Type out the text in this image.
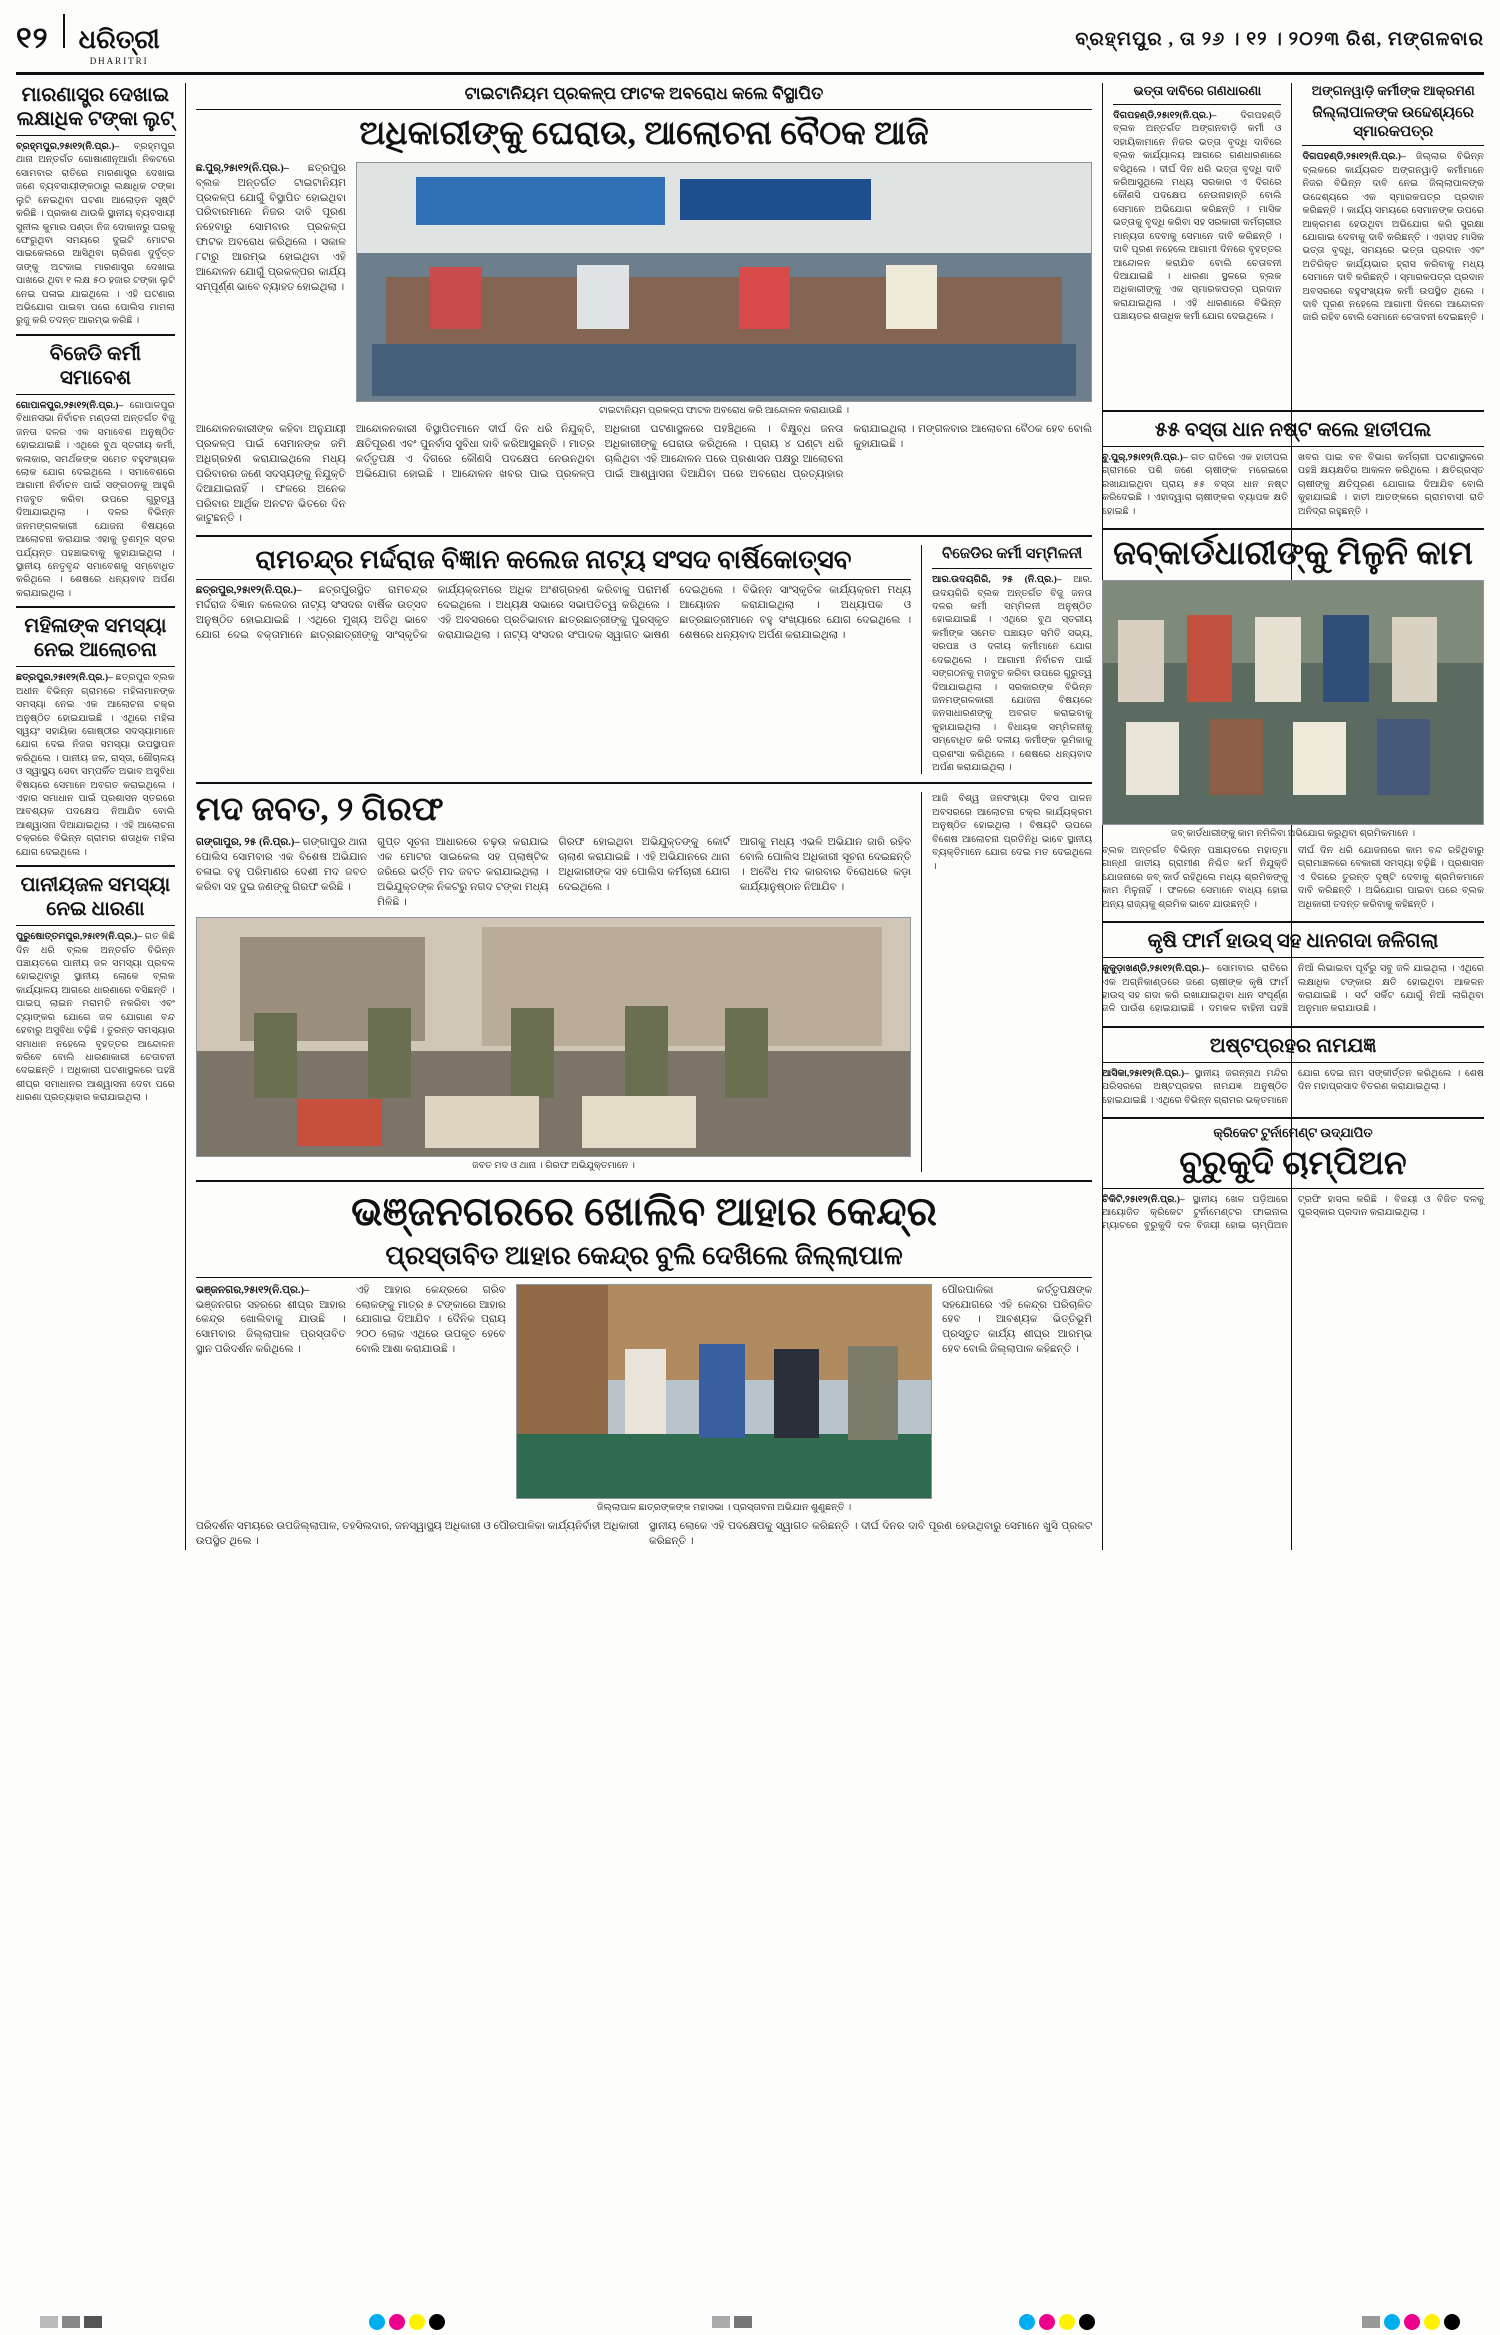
୧୨ ଧରିତ୍ରୀ
DHARITRI
ବ୍ରହ୍ମପୁର , ତା ୨୬ । ୧୨ । ୨୦୨୩ ରିଶ, ମଙ୍ଗଳବାର
ମାରଣାସ୍ତ୍ର ଦେଖାଇ ଲକ୍ଷାଧିକ ଟଙ୍କା ଲୁଟ୍
ବ୍ରହ୍ମପୁର,୨୫ା୧୨(ନି.ପ୍ର.)– ବ୍ରହ୍ମପୁର ଥାନା ଅନ୍ତର୍ଗତ ଗୋଷାଣୀନୂଆଗାଁ ନିକଟରେ ସୋମବାର ରାତିରେ ମାରଣାସ୍ତ୍ର ଦେଖାଇ ଜଣେ ବ୍ୟବସାୟୀଙ୍କଠାରୁ ଲକ୍ଷାଧିକ ଟଙ୍କା ଲୁଟି ନେଇଥିବା ଘଟଣା ଆଲୋଡ଼ନ ସୃଷ୍ଟି କରିଛି । ପ୍ରକାଶ ଥାଉକି ସ୍ଥାନୀୟ ବ୍ୟବସାୟୀ ସୁନୀଲ କୁମାର ପଣ୍ଡା ନିଜ ଦୋକାନରୁ ଘରକୁ ଫେରୁଥିବା ସମୟରେ ଦୁଇଟି ମୋଟର ସାଇକେଲରେ ଆସିଥିବା ଚାରିଜଣ ଦୁର୍ବୃତ୍ତ ତାଙ୍କୁ ଅଟକାଇ ମାରଣାସ୍ତ୍ର ଦେଖାଇ ପାଖରେ ଥିବା ୧ ଲକ୍ଷ ୫୦ ହଜାର ଟଙ୍କା ଲୁଟି ନେଇ ପଳାଇ ଯାଇଥିଲେ । ଏହି ଘଟଣାର ଅଭିଯୋଗ ପାଇବା ପରେ ପୋଲିସ ମାମଲା ରୁଜୁ କରି ତଦନ୍ତ ଆରମ୍ଭ କରିଛି ।
ବିଜେଡି କର୍ମୀ ସମାବେଶ
ଗୋପାଳପୁର,୨୫ା୧୨(ନି.ପ୍ର.)– ଗୋପାଳପୁର ବିଧାନସଭା ନିର୍ବାଚନ ମଣ୍ଡଳୀ ଅନ୍ତର୍ଗତ ବିଜୁ ଜନତା ଦଳର ଏକ ସମାବେଶ ଅନୁଷ୍ଠିତ ହୋଇଯାଇଛି । ଏଥିରେ ବୁଥ ସ୍ତରୀୟ କର୍ମୀ, କଳାକାର, ସମର୍ଥକଙ୍କ ସମେତ ବହୁସଂଖ୍ୟକ ଲୋକ ଯୋଗ ଦେଇଥିଲେ । ସମାବେଶରେ ଆଗାମୀ ନିର୍ବାଚନ ପାଇଁ ସଙ୍ଗଠନକୁ ଆହୁରି ମଜବୁତ କରିବା ଉପରେ ଗୁରୁତ୍ୱ ଦିଆଯାଇଥିଲା । ଦଳର ବିଭିନ୍ନ ଜନମଙ୍ଗଳକାରୀ ଯୋଜନା ବିଷୟରେ ଆଲୋଚନା କରାଯାଇ ଏହାକୁ ତୃଣମୂଳ ସ୍ତର ପର୍ଯ୍ୟନ୍ତ ପହଞ୍ଚାଇବାକୁ କୁହାଯାଇଥିଲା । ସ୍ଥାନୀୟ ନେତୃବୃନ୍ଦ ସମାବେଶକୁ ସମ୍ବୋଧିତ କରିଥିଲେ । ଶେଷରେ ଧନ୍ୟବାଦ ଅର୍ପଣ କରାଯାଇଥିଲା ।
ମହିଳାଙ୍କ ସମସ୍ୟା ନେଇ ଆଲୋଚନା
ଛତ୍ରପୁର,୨୫ା୧୨(ନି.ପ୍ର.)– ଛତ୍ରପୁର ବ୍ଲକ ଅଧୀନ ବିଭିନ୍ନ ଗ୍ରାମରେ ମହିଳାମାନଙ୍କ ସମସ୍ୟା ନେଇ ଏକ ଆଲୋଚନା ଚକ୍ର ଅନୁଷ୍ଠିତ ହୋଇଯାଇଛି । ଏଥିରେ ମହିଳା ସ୍ୱୟଂ ସହାୟିକା ଗୋଷ୍ଠୀର ସଦସ୍ୟାମାନେ ଯୋଗ ଦେଇ ନିଜର ସମସ୍ୟା ଉପସ୍ଥାପନ କରିଥିଲେ । ପାନୀୟ ଜଳ, ରାସ୍ତା, ଶୌଚାଳୟ ଓ ସ୍ୱାସ୍ଥ୍ୟ ସେବା ସମ୍ପର୍କିତ ଅଭାବ ଅସୁବିଧା ବିଷୟରେ ସେମାନେ ଅବଗତ କରାଇଥିଲେ । ଏହାର ସମାଧାନ ପାଇଁ ପ୍ରଶାସନ ସ୍ତରରେ ଆବଶ୍ୟକ ପଦକ୍ଷେପ ନିଆଯିବ ବୋଲି ଆଶ୍ୱାସନା ଦିଆଯାଇଥିଲା । ଏହି ଆଲୋଚନା ଚକ୍ରରେ ବିଭିନ୍ନ ଗ୍ରାମର ଶତାଧିକ ମହିଳା ଯୋଗ ଦେଇଥିଲେ ।
ପାନୀୟଜଳ ସମସ୍ୟା ନେଇ ଧାରଣା
ପୁରୁଷୋତ୍ତମପୁର,୨୫ା୧୨(ନି.ପ୍ର.)– ଗତ କିଛି ଦିନ ଧରି ବ୍ଲକ ଅନ୍ତର୍ଗତ ବିଭିନ୍ନ ପଞ୍ଚାୟତରେ ପାନୀୟ ଜଳ ସମସ୍ୟା ପ୍ରବଳ ହୋଇଥିବାରୁ ସ୍ଥାନୀୟ ଲୋକେ ବ୍ଲକ କାର୍ଯ୍ୟାଳୟ ଆଗରେ ଧାରଣାରେ ବସିଛନ୍ତି । ପାଇପ୍ ଲାଇନ ମରାମତି ନକରିବା ଏବଂ ଟ୍ୟାଙ୍କର ଯୋଗେ ଜଳ ଯୋଗାଣ ବନ୍ଦ ହେବାରୁ ଅସୁବିଧା ବଢ଼ିଛି । ତୁରନ୍ତ ସମସ୍ୟାର ସମାଧାନ ନହେଲେ ବୃହତ୍ତର ଆନ୍ଦୋଳନ କରିବେ ବୋଲି ଧାରଣାକାରୀ ଚେତାବନୀ ଦେଇଛନ୍ତି । ଅଧିକାରୀ ଘଟଣାସ୍ଥଳରେ ପହଞ୍ଚି ଶୀଘ୍ର ସମାଧାନର ଆଶ୍ୱାସନା ଦେବା ପରେ ଧାରଣା ପ୍ରତ୍ୟାହାର କରାଯାଇଥିଲା ।
ଟାଇଟାନିୟମ ପ୍ରକଳ୍ପ ଫାଟକ ଅବରୋଧ କଲେ ବିସ୍ଥାପିତ
ଅଧିକାରୀଙ୍କୁ ଘେରାଉ, ଆଲୋଚନା ବୈଠକ ଆଜି
ଛ.ପୁର୍,୨୫ା୧୨(ନି.ପ୍ର.)– ଛତ୍ରପୁର ବ୍ଲକ ଅନ୍ତର୍ଗତ ଟାଇଟାନିୟମ ପ୍ରକଳ୍ପ ଯୋଗୁଁ ବିସ୍ଥାପିତ ହୋଇଥିବା ପରିବାରମାନେ ନିଜର ଦାବି ପୂରଣ ନହେବାରୁ ସୋମବାର ପ୍ରକଳ୍ପ ଫାଟକ ଅବରୋଧ କରିଥିଲେ । ସକାଳ ୮ଟାରୁ ଆରମ୍ଭ ହୋଇଥିବା ଏହି ଆନ୍ଦୋଳନ ଯୋଗୁଁ ପ୍ରକଳ୍ପର କାର୍ଯ୍ୟ ସମ୍ପୂର୍ଣ୍ଣ ଭାବେ ବ୍ୟାହତ ହୋଇଥିଲା ।
ଟାଇଟାନିୟମ ପ୍ରକଳ୍ପ ଫାଟକ ଅବରୋଧ କରି ଆନ୍ଦୋଳନ କରାଯାଉଛି ।
ଆନ୍ଦୋଳନକାରୀଙ୍କ କହିବା ଅନୁଯାୟୀ ପ୍ରକଳ୍ପ ପାଇଁ ସେମାନଙ୍କ ଜମି ଅଧିଗ୍ରହଣ କରାଯାଇଥିଲେ ମଧ୍ୟ ପରିବାରର ଜଣେ ସଦସ୍ୟଙ୍କୁ ନିଯୁକ୍ତି ଦିଆଯାଇନାହିଁ । ଫଳରେ ଅନେକ ପରିବାର ଆର୍ଥିକ ଅନଟନ ଭିତରେ ଦିନ କାଟୁଛନ୍ତି ।
ଆନ୍ଦୋଳନକାରୀ ବିସ୍ଥାପିତମାନେ ଦୀର୍ଘ ଦିନ ଧରି ନିଯୁକ୍ତି, କ୍ଷତିପୂରଣ ଏବଂ ପୁନର୍ବାସ ସୁବିଧା ଦାବି କରିଆସୁଛନ୍ତି । ମାତ୍ର କର୍ତ୍ତୃପକ୍ଷ ଏ ଦିଗରେ କୌଣସି ପଦକ୍ଷେପ ନେଉନଥିବା ଅଭିଯୋଗ ହୋଇଛି । ଆନ୍ଦୋଳନ ଖବର ପାଇ ପ୍ରକଳ୍ପ ଅଧିକାରୀ ଘଟଣାସ୍ଥଳରେ ପହଞ୍ଚିଥିଲେ । ବିକ୍ଷୁବ୍ଧ ଜନତା ଅଧିକାରୀଙ୍କୁ ଘେରାଉ କରିଥିଲେ । ପ୍ରାୟ ୪ ଘଣ୍ଟା ଧରି ଚାଲିଥିବା ଏହି ଆନ୍ଦୋଳନ ପରେ ପ୍ରଶାସନ ପକ୍ଷରୁ ଆଲୋଚନା ପାଇଁ ଆଶ୍ୱାସନା ଦିଆଯିବା ପରେ ଅବରୋଧ ପ୍ରତ୍ୟାହାର କରାଯାଇଥିଲା । ମଙ୍ଗଳବାର ଆଲୋଚନା ବୈଠକ ହେବ ବୋଲି କୁହାଯାଇଛି ।
ରାମଚନ୍ଦ୍ର ମର୍ଦ୍ଦରାଜ ବିଜ୍ଞାନ କଲେଜ ନାଟ୍ୟ ସଂସଦ ବାର୍ଷିକୋତ୍ସବ
ଛତ୍ରପୁର,୨୫ା୧୨(ନି.ପ୍ର.)– ଛତ୍ରପୁରସ୍ଥିତ ରାମଚନ୍ଦ୍ର ମର୍ଦ୍ଦରାଜ ବିଜ୍ଞାନ କଲେଜର ନାଟ୍ୟ ସଂସଦର ବାର୍ଷିକ ଉତ୍ସବ ଅନୁଷ୍ଠିତ ହୋଇଯାଇଛି । ଏଥିରେ ମୁଖ୍ୟ ଅତିଥି ଭାବେ ଯୋଗ ଦେଇ ବକ୍ତାମାନେ ଛାତ୍ରଛାତ୍ରୀଙ୍କୁ ସାଂସ୍କୃତିକ କାର୍ଯ୍ୟକ୍ରମରେ ଅଧିକ ଅଂଶଗ୍ରହଣ କରିବାକୁ ପରାମର୍ଶ ଦେଇଥିଲେ । ଅଧ୍ୟକ୍ଷ ସଭାରେ ସଭାପତିତ୍ୱ କରିଥିଲେ । ଏହି ଅବସରରେ ପ୍ରତିଭାବାନ ଛାତ୍ରଛାତ୍ରୀଙ୍କୁ ପୁରସ୍କୃତ କରାଯାଇଥିଲା । ନାଟ୍ୟ ସଂସଦର ସଂପାଦକ ସ୍ୱାଗତ ଭାଷଣ ଦେଇଥିଲେ । ବିଭିନ୍ନ ସାଂସ୍କୃତିକ କାର୍ଯ୍ୟକ୍ରମ ମଧ୍ୟ ଆୟୋଜନ କରାଯାଇଥିଲା । ଅଧ୍ୟାପକ ଓ ଛାତ୍ରଛାତ୍ରୀମାନେ ବହୁ ସଂଖ୍ୟାରେ ଯୋଗ ଦେଇଥିଲେ । ଶେଷରେ ଧନ୍ୟବାଦ ଅର୍ପଣ କରାଯାଇଥିଲା ।
ବିଜେଡିର କର୍ମୀ ସମ୍ମିଳନୀ
ଆର.ଉଦୟଗିରି, ୨୫ (ନି.ପ୍ର.)– ଆର. ଉଦୟଗିରି ବ୍ଲକ ଅନ୍ତର୍ଗତ ବିଜୁ ଜନତା ଦଳର କର୍ମୀ ସମ୍ମିଳନୀ ଅନୁଷ୍ଠିତ ହୋଇଯାଇଛି । ଏଥିରେ ବୁଥ ସ୍ତରୀୟ କର୍ମୀଙ୍କ ସମେତ ପଞ୍ଚାୟତ ସମିତି ସଭ୍ୟ, ସରପଞ୍ଚ ଓ ଦଳୀୟ କର୍ମୀମାନେ ଯୋଗ ଦେଇଥିଲେ । ଆଗାମୀ ନିର୍ବାଚନ ପାଇଁ ସଙ୍ଗଠନକୁ ମଜବୁତ କରିବା ଉପରେ ଗୁରୁତ୍ୱ ଦିଆଯାଇଥିଲା । ସରକାରଙ୍କ ବିଭିନ୍ନ ଜନମଙ୍ଗଳକାରୀ ଯୋଜନା ବିଷୟରେ ଜନସାଧାରଣଙ୍କୁ ଅବଗତ କରାଇବାକୁ କୁହାଯାଇଥିଲା । ବିଧାୟକ ସମ୍ମିଳନୀକୁ ସମ୍ବୋଧିତ କରି ଦଳୀୟ କର୍ମୀଙ୍କ ଭୂମିକାକୁ ପ୍ରଶଂସା କରିଥିଲେ । ଶେଷରେ ଧନ୍ୟବାଦ ଅର୍ପଣ କରାଯାଇଥିଲା ।
ମଦ ଜବତ, ୨ ଗିରଫ
ଗଙ୍ଗାପୁର, ୨୫ (ନି.ପ୍ର.)– ଗଙ୍ଗାପୁର ଥାନା ପୋଲିସ ସୋମବାର ଏକ ବିଶେଷ ଅଭିଯାନ ଚଳାଇ ବହୁ ପରିମାଣର ଦେଶୀ ମଦ ଜବତ କରିବା ସହ ଦୁଇ ଜଣଙ୍କୁ ଗିରଫ କରିଛି ।
ଗୁପ୍ତ ସୂଚନା ଆଧାରରେ ଚଢ଼ଉ କରାଯାଇ ଏକ ମୋଟର ସାଇକେଲ ସହ ପ୍ଲାଷ୍ଟିକ ଜରିରେ ଭର୍ତ୍ତି ମଦ ଜବତ କରାଯାଇଥିଲା । ଅଭିଯୁକ୍ତଙ୍କ ନିକଟରୁ ନଗଦ ଟଙ୍କା ମଧ୍ୟ ମିଳିଛି ।
ଗିରଫ ହୋଇଥିବା ଅଭିଯୁକ୍ତଙ୍କୁ କୋର୍ଟ ଚାଲାଣ କରାଯାଇଛି । ଏହି ଅଭିଯାନରେ ଥାନା ଅଧିକାରୀଙ୍କ ସହ ପୋଲିସ କର୍ମଚାରୀ ଯୋଗ ଦେଇଥିଲେ ।
ଆଗକୁ ମଧ୍ୟ ଏଭଳି ଅଭିଯାନ ଜାରି ରହିବ ବୋଲି ପୋଲିସ ଅଧିକାରୀ ସୂଚନା ଦେଇଛନ୍ତି । ଅବୈଧ ମଦ କାରବାର ବିରୋଧରେ କଡ଼ା କାର୍ଯ୍ୟାନୁଷ୍ଠାନ ନିଆଯିବ ।
ଜବତ ମଦ ଓ ଥାନା । ଗିରଫ ଅଭିଯୁକ୍ତମାନେ ।
ଆଜି ବିଶ୍ୱ ଜନସଂଖ୍ୟା ଦିବସ ପାଳନ ଅବସରରେ ଆଲୋଚନା ଚକ୍ର କାର୍ଯ୍ୟକ୍ରମ ଅନୁଷ୍ଠିତ ହୋଇଥିଲା । ବିଷୟଟି ଉପରେ ବିଶେଷ ଆଲୋଚନା ପ୍ରତିନିଧି ଭାବେ ସ୍ଥାନୀୟ ବ୍ୟକ୍ତିମାନେ ଯୋଗ ଦେଇ ମତ ଦେଇଥିଲେ ।
ଭଞ୍ଜନଗରରେ ଖୋଲିବ ଆହାର କେନ୍ଦ୍ର
ପ୍ରସ୍ତାବିତ ଆହାର କେନ୍ଦ୍ର ବୁଲି ଦେଖିଲେ ଜିଲ୍ଲାପାଳ
ଭଞ୍ଜନଗର,୨୫ା୧୨(ନି.ପ୍ର.)– ଭଞ୍ଜନଗର ସହରରେ ଶୀଘ୍ର ଆହାର କେନ୍ଦ୍ର ଖୋଲିବାକୁ ଯାଉଛି । ସୋମବାର ଜିଲ୍ଲାପାଳ ପ୍ରସ୍ତାବିତ ସ୍ଥାନ ପରିଦର୍ଶନ କରିଥିଲେ ।
ଏହି ଆହାର କେନ୍ଦ୍ରରେ ଗରିବ ଲୋକଙ୍କୁ ମାତ୍ର ୫ ଟଙ୍କାରେ ଆହାର ଯୋଗାଇ ଦିଆଯିବ । ଦୈନିକ ପ୍ରାୟ ୨୦୦ ଲୋକ ଏଥିରେ ଉପକୃତ ହେବେ ବୋଲି ଆଶା କରାଯାଉଛି ।
ଜିଲ୍ଲାପାଳ ଛାତ୍ରଙ୍କଙ୍କ ମହାସଭା । ପ୍ରସ୍ତାବନା ଅଭିଯାନ ଶୁଣୁଛନ୍ତି ।
ପୌରପାଳିକା କର୍ତ୍ତୃପକ୍ଷଙ୍କ ସହଯୋଗରେ ଏହି କେନ୍ଦ୍ର ପରିଚାଳିତ ହେବ । ଆବଶ୍ୟକ ଭିତ୍ତିଭୂମି ପ୍ରସ୍ତୁତ କାର୍ଯ୍ୟ ଶୀଘ୍ର ଆରମ୍ଭ ହେବ ବୋଲି ଜିଲ୍ଲାପାଳ କହିଛନ୍ତି ।
ପରିଦର୍ଶନ ସମୟରେ ଉପଜିଲ୍ଲାପାଳ, ତହସିଲଦାର, ଜନସ୍ୱାସ୍ଥ୍ୟ ଅଧିକାରୀ ଓ ପୌରପାଳିକା କାର୍ଯ୍ୟନିର୍ବାହୀ ଅଧିକାରୀ ଉପସ୍ଥିତ ଥିଲେ ।
ସ୍ଥାନୀୟ ଲୋକେ ଏହି ପଦକ୍ଷେପକୁ ସ୍ୱାଗତ କରିଛନ୍ତି । ଦୀର୍ଘ ଦିନର ଦାବି ପୂରଣ ହେଉଥିବାରୁ ସେମାନେ ଖୁସି ପ୍ରକଟ କରିଛନ୍ତି ।
ଭତ୍ତା ଦାବିରେ ଗଣଧାରଣା
ଦିଗପହଣ୍ଡି,୨୫ା୧୨(ନି.ପ୍ର.)– ଦିଗପହଣ୍ଡି ବ୍ଲକ ଅନ୍ତର୍ଗତ ଅଙ୍ଗନବାଡ଼ି କର୍ମୀ ଓ ସହାୟିକାମାନେ ନିଜର ଭତ୍ତା ବୃଦ୍ଧି ଦାବିରେ ବ୍ଲକ କାର୍ଯ୍ୟାଳୟ ଆଗରେ ଗଣଧାରଣାରେ ବସିଥିଲେ । ଦୀର୍ଘ ଦିନ ଧରି ଭତ୍ତା ବୃଦ୍ଧି ଦାବି କରିଆସୁଥିଲେ ମଧ୍ୟ ସରକାର ଏ ଦିଗରେ କୌଣସି ପଦକ୍ଷେପ ନେଉନାହାନ୍ତି ବୋଲି ସେମାନେ ଅଭିଯୋଗ କରିଛନ୍ତି । ମାସିକ ଭତ୍ତାକୁ ବୃଦ୍ଧି କରିବା ସହ ସରକାରୀ କର୍ମଚାରୀର ମାନ୍ୟତା ଦେବାକୁ ସେମାନେ ଦାବି କରିଛନ୍ତି । ଦାବି ପୂରଣ ନହେଲେ ଆଗାମୀ ଦିନରେ ବୃହତ୍ତର ଆନ୍ଦୋଳନ କରାଯିବ ବୋଲି ଚେତାବନୀ ଦିଆଯାଇଛି । ଧାରଣା ସ୍ଥଳରେ ବ୍ଲକ ଅଧିକାରୀଙ୍କୁ ଏକ ସ୍ମାରକପତ୍ର ପ୍ରଦାନ କରାଯାଇଥିଲା । ଏହି ଧାରଣାରେ ବିଭିନ୍ନ ପଞ୍ଚାୟତର ଶତାଧିକ କର୍ମୀ ଯୋଗ ଦେଇଥିଲେ ।
ଅଙ୍ଗନୱାଡ଼ି କର୍ମୀଙ୍କ ଆକ୍ରମଣ
ଜିଲ୍ଲାପାଳଙ୍କ ଉଦ୍ଦେଶ୍ୟରେ ସ୍ମାରକପତ୍ର
ଦିଗପହଣ୍ଡି,୨୫ା୧୨(ନି.ପ୍ର.)– ଜିଲ୍ଲାର ବିଭିନ୍ନ ବ୍ଲକରେ କାର୍ଯ୍ୟରତ ଅଙ୍ଗନୱାଡ଼ି କର୍ମୀମାନେ ନିଜର ବିଭିନ୍ନ ଦାବି ନେଇ ଜିଲ୍ଲାପାଳଙ୍କ ଉଦ୍ଦେଶ୍ୟରେ ଏକ ସ୍ମାରକପତ୍ର ପ୍ରଦାନ କରିଛନ୍ତି । କାର୍ଯ୍ୟ ସମୟରେ ସେମାନଙ୍କ ଉପରେ ଆକ୍ରମଣ ହେଉଥିବା ଅଭିଯୋଗ କରି ସୁରକ୍ଷା ଯୋଗାଇ ଦେବାକୁ ଦାବି କରିଛନ୍ତି । ଏହାସହ ମାସିକ ଭତ୍ତା ବୃଦ୍ଧି, ସମୟରେ ଭତ୍ତା ପ୍ରଦାନ ଏବଂ ଅତିରିକ୍ତ କାର୍ଯ୍ୟଭାର ହ୍ରାସ କରିବାକୁ ମଧ୍ୟ ସେମାନେ ଦାବି କରିଛନ୍ତି । ସ୍ମାରକପତ୍ର ପ୍ରଦାନ ଅବସରରେ ବହୁସଂଖ୍ୟକ କର୍ମୀ ଉପସ୍ଥିତ ଥିଲେ । ଦାବି ପୂରଣ ନହେଲେ ଆଗାମୀ ଦିନରେ ଆନ୍ଦୋଳନ ଜାରି ରହିବ ବୋଲି ସେମାନେ ଚେତାବନୀ ଦେଇଛନ୍ତି ।
୫୫ ବସ୍ତା ଧାନ ନଷ୍ଟ କଲେ ହାତୀପଲ
ବୁ.ପୁର୍,୨୫ା୧୨(ନି.ପ୍ର.)– ଗତ ରାତିରେ ଏକ ହାତୀପଲ ଗ୍ରାମରେ ପଶି ଜଣେ ଚାଷୀଙ୍କ ମରେଇରେ ରଖାଯାଇଥିବା ପ୍ରାୟ ୫୫ ବସ୍ତା ଧାନ ନଷ୍ଟ କରିଦେଇଛି । ଏହାଦ୍ୱାରା ଚାଷୀଙ୍କର ବ୍ୟାପକ କ୍ଷତି ହୋଇଛି ।
ଖବର ପାଇ ବନ ବିଭାଗ କର୍ମଚାରୀ ଘଟଣାସ୍ଥଳରେ ପହଞ୍ଚି କ୍ଷୟକ୍ଷତିର ଆକଳନ କରିଥିଲେ । କ୍ଷତିଗ୍ରସ୍ତ ଚାଷୀଙ୍କୁ କ୍ଷତିପୂରଣ ଯୋଗାଇ ଦିଆଯିବ ବୋଲି କୁହାଯାଇଛି । ହାତୀ ଆତଙ୍କରେ ଗ୍ରାମବାସୀ ରାତି ଅନିଦ୍ରା ରହୁଛନ୍ତି ।
ଜବ୍କାର୍ଡଧାରୀଙ୍କୁ ମିଳୁନି କାମ
ଜବ୍ କାର୍ଡଧାରୀଙ୍କୁ କାମ ନମିଳିବା ଅଭିଯୋଗ କରୁଥିବା ଶ୍ରମିକମାନେ ।
ବ୍ଲକ ଅନ୍ତର୍ଗତ ବିଭିନ୍ନ ପଞ୍ଚାୟତରେ ମହାତ୍ମା ଗାନ୍ଧୀ ଜାତୀୟ ଗ୍ରାମୀଣ ନିଶ୍ଚିତ କର୍ମ ନିଯୁକ୍ତି ଯୋଜନାରେ ଜବ୍ କାର୍ଡ ରହିଥିଲେ ମଧ୍ୟ ଶ୍ରମିକଙ୍କୁ କାମ ମିଳୁନାହିଁ । ଫଳରେ ସେମାନେ ବାଧ୍ୟ ହୋଇ ଅନ୍ୟ ରାଜ୍ୟକୁ ଶ୍ରମିକ ଭାବେ ଯାଉଛନ୍ତି ।
ଦୀର୍ଘ ଦିନ ଧରି ଯୋଜନାରେ କାମ ବନ୍ଦ ରହିଥିବାରୁ ଗ୍ରାମାଞ୍ଚଳରେ ବେକାରୀ ସମସ୍ୟା ବଢ଼ିଛି । ପ୍ରଶାସନ ଏ ଦିଗରେ ତୁରନ୍ତ ଦୃଷ୍ଟି ଦେବାକୁ ଶ୍ରମିକମାନେ ଦାବି କରିଛନ୍ତି । ଅଭିଯୋଗ ପାଇବା ପରେ ବ୍ଲକ ଅଧିକାରୀ ତଦନ୍ତ କରିବାକୁ କହିଛନ୍ତି ।
କୃଷି ଫାର୍ମ ହାଉସ୍ ସହ ଧାନଗଦା ଜଳିଗଲା
କୁକୁଡ଼ାଖଣ୍ଡି,୨୫ା୧୨(ନି.ପ୍ର.)– ସୋମବାର ରାତିରେ ଏକ ଅଗ୍ନିକାଣ୍ଡରେ ଜଣେ ଚାଷୀଙ୍କ କୃଷି ଫାର୍ମ ହାଉସ୍ ସହ ଗଦା କରି ରଖାଯାଇଥିବା ଧାନ ସଂପୂର୍ଣ୍ଣ ଜଳି ପାଉଁଶ ହୋଇଯାଇଛି । ଦମକଳ ବାହିନୀ ପହଞ୍ଚି ନିଆଁ ଲିଭାଇବା ପୂର୍ବରୁ ସବୁ ଜଳି ଯାଇଥିଲା । ଏଥିରେ ଲକ୍ଷାଧିକ ଟଙ୍କାର କ୍ଷତି ହୋଇଥିବା ଆକଳନ କରାଯାଇଛି । ସର୍ଟ ସର୍କିଟ ଯୋଗୁଁ ନିଆଁ ଲାଗିଥିବା ଅନୁମାନ କରାଯାଉଛି ।
ଅଷ୍ଟପ୍ରହର ନାମଯଜ୍ଞ
ଆସିକା,୨୫ା୧୨(ନି.ପ୍ର.)– ସ୍ଥାନୀୟ ଜଗନ୍ନାଥ ମନ୍ଦିର ପରିସରରେ ଅଷ୍ଟପ୍ରହର ନାମଯଜ୍ଞ ଅନୁଷ୍ଠିତ ହୋଇଯାଇଛି । ଏଥିରେ ବିଭିନ୍ନ ଗ୍ରାମର ଭକ୍ତମାନେ ଯୋଗ ଦେଇ ନାମ ସଙ୍କୀର୍ତ୍ତନ କରିଥିଲେ । ଶେଷ ଦିନ ମହାପ୍ରସାଦ ବିତରଣ କରାଯାଇଥିଲା ।
କ୍ରିକେଟ ଟୁର୍ନାମେଣ୍ଟ ଉଦ୍ଯାପିତ
ବୁରୁକୁଦି ଚାମ୍ପିଅନ
ଚିକିଟି,୨୫ା୧୨(ନି.ପ୍ର.)– ସ୍ଥାନୀୟ ଖେଳ ପଡ଼ିଆରେ ଆୟୋଜିତ କ୍ରିକେଟ ଟୁର୍ନାମେଣ୍ଟର ଫାଇନାଲ ମ୍ୟାଚରେ ବୁରୁକୁଦି ଦଳ ବିଜୟୀ ହୋଇ ଚାମ୍ପିଅନ ଟ୍ରଫି ହାସଲ କରିଛି । ବିଜୟୀ ଓ ବିଜିତ ଦଳକୁ ପୁରସ୍କାର ପ୍ରଦାନ କରାଯାଇଥିଲା ।
